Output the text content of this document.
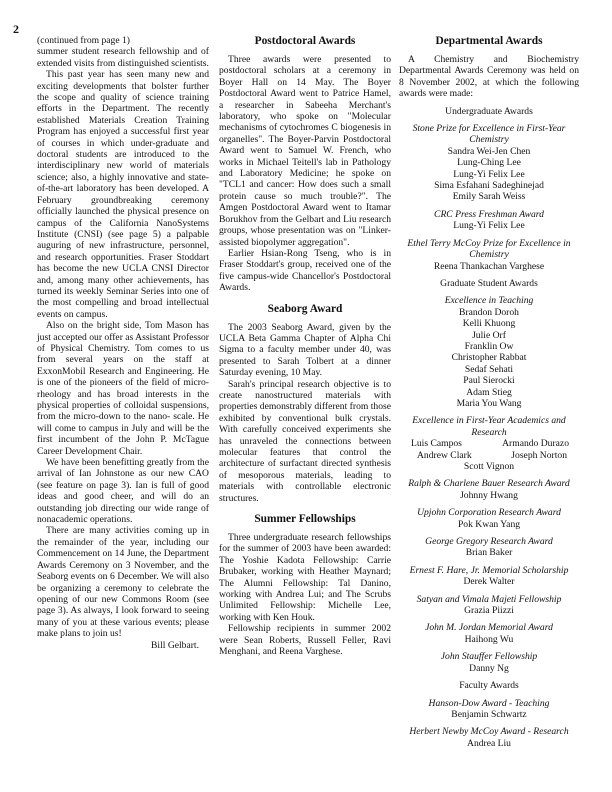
2

(continued from page 1)

summer student research fellowship and of extended visits from distinguished scientists.

This past year has seen many new and exciting developments that bolster further the scope and quality of science training efforts in the Department. The recently established Materials Creation Training Program has enjoyed a successful first year of courses in which under-graduate and doctoral students are introduced to the interdisciplinary new world of materials science; also, a highly innovative and state-of-the-art laboratory has been developed. A February groundbreaking ceremony officially launched the physical presence on campus of the California NanoSystems Institute (CNSI) (see page 5) a palpable auguring of new infrastructure, personnel, and research opportunities. Fraser Stoddart has become the new UCLA CNSI Director and, among many other achievements, has turned its weekly Seminar Series into one of the most compelling and broad intellectual events on campus.

Also on the bright side, Tom Mason has just accepted our offer as Assistant Professor of Physical Chemistry. Tom comes to us from several years on the staff at ExxonMobil Research and Engineering. He is one of the pioneers of the field of micro-rheology and has broad interests in the physical properties of colloidal suspensions, from the micro-down to the nano- scale. He will come to campus in July and will be the first incumbent of the John P. McTague Career Development Chair.

We have been benefitting greatly from the arrival of Ian Johnstone as our new CAO (see feature on page 3). Ian is full of good ideas and good cheer, and will do an outstanding job directing our wide range of nonacademic operations.

There are many activities coming up in the remainder of the year, including our Commencement on 14 June, the Department Awards Ceremony on 3 November, and the Seaborg events on 6 December. We will also be organizing a ceremony to celebrate the opening of our new Commons Room (see page 3). As always, I look forward to seeing many of you at these various events; please make plans to join us!

Bill Gelbart.

Postdoctoral Awards

Three awards were presented to postdoctoral scholars at a ceremony in Boyer Hall on 14 May. The Boyer Postdoctoral Award went to Patrice Hamel, a researcher in Sabeeha Merchant's laboratory, who spoke on "Molecular mechanisms of cytochromes C biogenesis in organelles". The Boyer-Parvin Postdoctoral Award went to Samuel W. French, who works in Michael Teitell's lab in Pathology and Laboratory Medicine; he spoke on "TCL1 and cancer: How does such a small protein cause so much trouble?". The Amgen Postdoctoral Award went to Itamar Borukhov from the Gelbart and Liu research groups, whose presentation was on "Linker-assisted biopolymer aggregation".

Earlier Hsian-Rong Tseng, who is in Fraser Stoddart's group, received one of the five campus-wide Chancellor's Postdoctoral Awards.

Seaborg Award

The 2003 Seaborg Award, given by the UCLA Beta Gamma Chapter of Alpha Chi Sigma to a faculty member under 40, was presented to Sarah Tolbert at a dinner Saturday evening, 10 May.

Sarah's principal research objective is to create nanostructured materials with properties demonstrably different from those exhibited by conventional bulk crystals. With carefully conceived experiments she has unraveled the connections between molecular features that control the architecture of surfactant directed synthesis of mesoporous materials, leading to materials with controllable electronic structures.

Summer Fellowships

Three undergraduate research fellowships for the summer of 2003 have been awarded: The Yoshie Kadota Fellowship: Carrie Brubaker, working with Heather Maynard; The Alumni Fellowship: Tal Danino, working with Andrea Lui; and The Scrubs Unlimited Fellowship: Michelle Lee, working with Ken Houk.

Fellowship recipients in summer 2002 were Sean Roberts, Russell Feller, Ravi Menghani, and Reena Varghese.

Departmental Awards

A Chemistry and Biochemistry Departmental Awards Ceremony was held on 8 November 2002, at which the following awards were made:

Undergraduate Awards
Stone Prize for Excellence in First-Year Chemistry
Sandra Wei-Jen Chen
Lung-Ching Lee
Lung-Yi Felix Lee
Sima Esfahani Sadeghinejad
Emily Sarah Weiss
CRC Press Freshman Award
Lung-Yi Felix Lee
Ethel Terry McCoy Prize for Excellence in Chemistry
Reena Thankachan Varghese
Graduate Student Awards
Excellence in Teaching
Brandon Doroh
Kelli Khuong
Julie Orf
Franklin Ow
Christopher Rabbat
Sedaf Sehati
Paul Sierocki
Adam Stieg
Maria You Wang
Excellence in First-Year Academics and Research
Luis Campos	Armando Durazo
Andrew Clark	Joseph Norton
Scott Vignon
Ralph & Charlene Bauer Research Award
Johnny Hwang
Upjohn Corporation Research Award
Pok Kwan Yang
George Gregory Research Award
Brian Baker
Ernest F. Hare, Jr. Memorial Scholarship
Derek Walter
Satyan and Vimala Majeti Fellowship
Grazia Piizzi
John M. Jordan Memorial Award
Haihong Wu
John Stauffer Fellowship
Danny Ng
Faculty Awards
Hanson-Dow Award - Teaching
Benjamin Schwartz
Herbert Newby McCoy Award - Research
Andrea Liu
